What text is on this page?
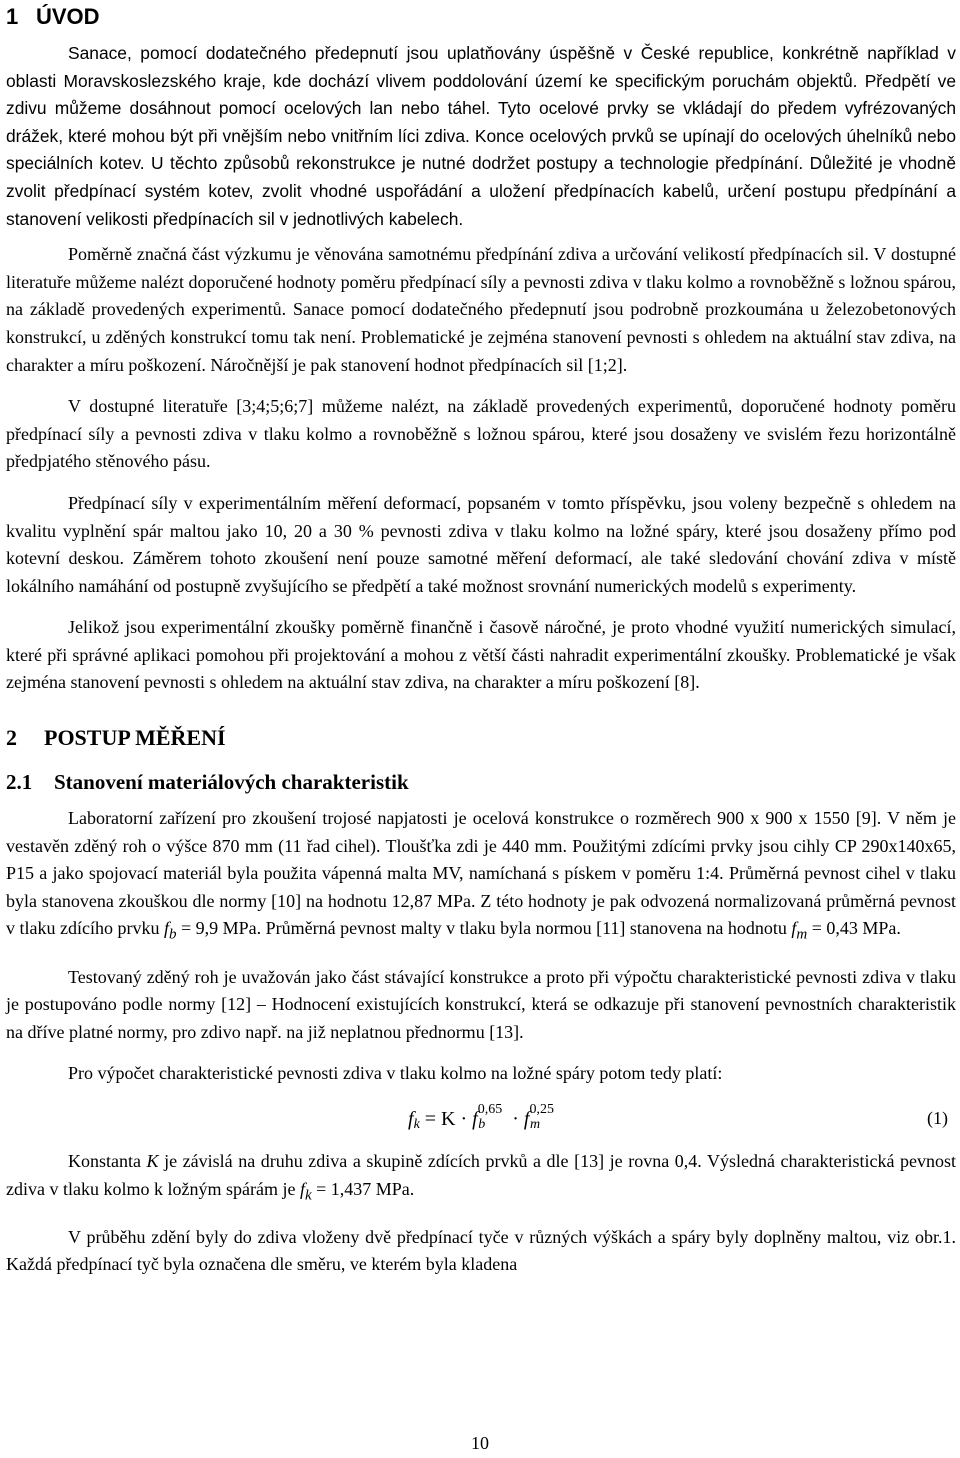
1 ÚVOD

Sanace, pomocí dodatečného předepnutí jsou uplatňovány úspěšně v České republice, konkrétně například v oblasti Moravskoslezského kraje, kde dochází vlivem poddolování území ke specifickým poruchám objektů. Předpětí ve zdivu můžeme dosáhnout pomocí ocelových lan nebo táhel. Tyto ocelové prvky se vkládají do předem vyfrézovaných drážek, které mohou být při vnějším nebo vnitřním líci zdiva. Konce ocelových prvků se upínají do ocelových úhelníků nebo speciálních kotev. U těchto způsobů rekonstrukce je nutné dodržet postupy a technologie předpínání. Důležité je vhodně zvolit předpínací systém kotev, zvolit vhodné uspořádání a uložení předpínacích kabelů, určení postupu předpínání a stanovení velikosti předpínacích sil v jednotlivých kabelech.

Poměrně značná část výzkumu je věnována samotnému předpínání zdiva a určování velikostí předpínacích sil. V dostupné literatuře můžeme nalézt doporučené hodnoty poměru předpínací síly a pevnosti zdiva v tlaku kolmo a rovnoběžně s ložnou spárou, na základě provedených experimentů. Sanace pomocí dodatečného předepnutí jsou podrobně prozkoumána u železobetonových konstrukcí, u zděných konstrukcí tomu tak není. Problematické je zejména stanovení pevnosti s ohledem na aktuální stav zdiva, na charakter a míru poškození. Náročnější je pak stanovení hodnot předpínacích sil [1;2].

V dostupné literatuře [3;4;5;6;7] můžeme nalézt, na základě provedených experimentů, doporučené hodnoty poměru předpínací síly a pevnosti zdiva v tlaku kolmo a rovnoběžně s ložnou spárou, které jsou dosaženy ve svislém řezu horizontálně předpjatého stěnového pásu.

Předpínací síly v experimentálním měření deformací, popsaném v tomto příspěvku, jsou voleny bezpečně s ohledem na kvalitu vyplnění spár maltou jako 10, 20 a 30 % pevnosti zdiva v tlaku kolmo na ložné spáry, které jsou dosaženy přímo pod kotevní deskou. Záměrem tohoto zkoušení není pouze samotné měření deformací, ale také sledování chování zdiva v místě lokálního namáhání od postupně zvyšujícího se předpětí a také možnost srovnání numerických modelů s experimenty.

Jelikož jsou experimentální zkoušky poměrně finančně i časově náročné, je proto vhodné využití numerických simulací, které při správné aplikaci pomohou při projektování a mohou z větší části nahradit experimentální zkoušky. Problematické je však zejména stanovení pevnosti s ohledem na aktuální stav zdiva, na charakter a míru poškození [8].

2 POSTUP MĚŘENÍ
2.1 Stanovení materiálových charakteristik

Laboratorní zařízení pro zkoušení trojosé napjatosti je ocelová konstrukce o rozměrech 900 x 900 x 1550 [9]. V něm je vestavěn zděný roh o výšce 870 mm (11 řad cihel). Tloušťka zdi je 440 mm. Použitými zdícími prvky jsou cihly CP 290x140x65, P15 a jako spojovací materiál byla použita vápenná malta MV, namíchaná s pískem v poměru 1:4. Průměrná pevnost cihel v tlaku byla stanovena zkouškou dle normy [10] na hodnotu 12,87 MPa. Z této hodnoty je pak odvozená normalizovaná průměrná pevnost v tlaku zdícího prvku $f_b = 9,9$ MPa. Průměrná pevnost malty v tlaku byla normou [11] stanovena na hodnotu $f_m = 0,43$ MPa.

Testovaný zděný roh je uvažován jako část stávající konstrukce a proto při výpočtu charakteristické pevnosti zdiva v tlaku je postupováno podle normy [12] – Hodnocení existujících konstrukcí, která se odkazuje při stanovení pevnostních charakteristik na dříve platné normy, pro zdivo např. na již neplatnou přednormu [13].

Pro výpočet charakteristické pevnosti zdiva v tlaku kolmo na ložné spáry potom tedy platí:

$f_k = K \cdot f^{0,65}_b \cdot f^{0,25}_m$	(1)

Konstanta K je závislá na druhu zdiva a skupině zdících prvků a dle [13] je rovna 0,4. Výsledná charakteristická pevnost zdiva v tlaku kolmo k ložným spárám je $f_k = 1,437$ MPa.

V průběhu zdění byly do zdiva vloženy dvě předpínací tyče v různých výškách a spáry byly doplněny maltou, viz obr.1. Každá předpínací tyč byla označena dle směru, ve kterém byla kladena

10
